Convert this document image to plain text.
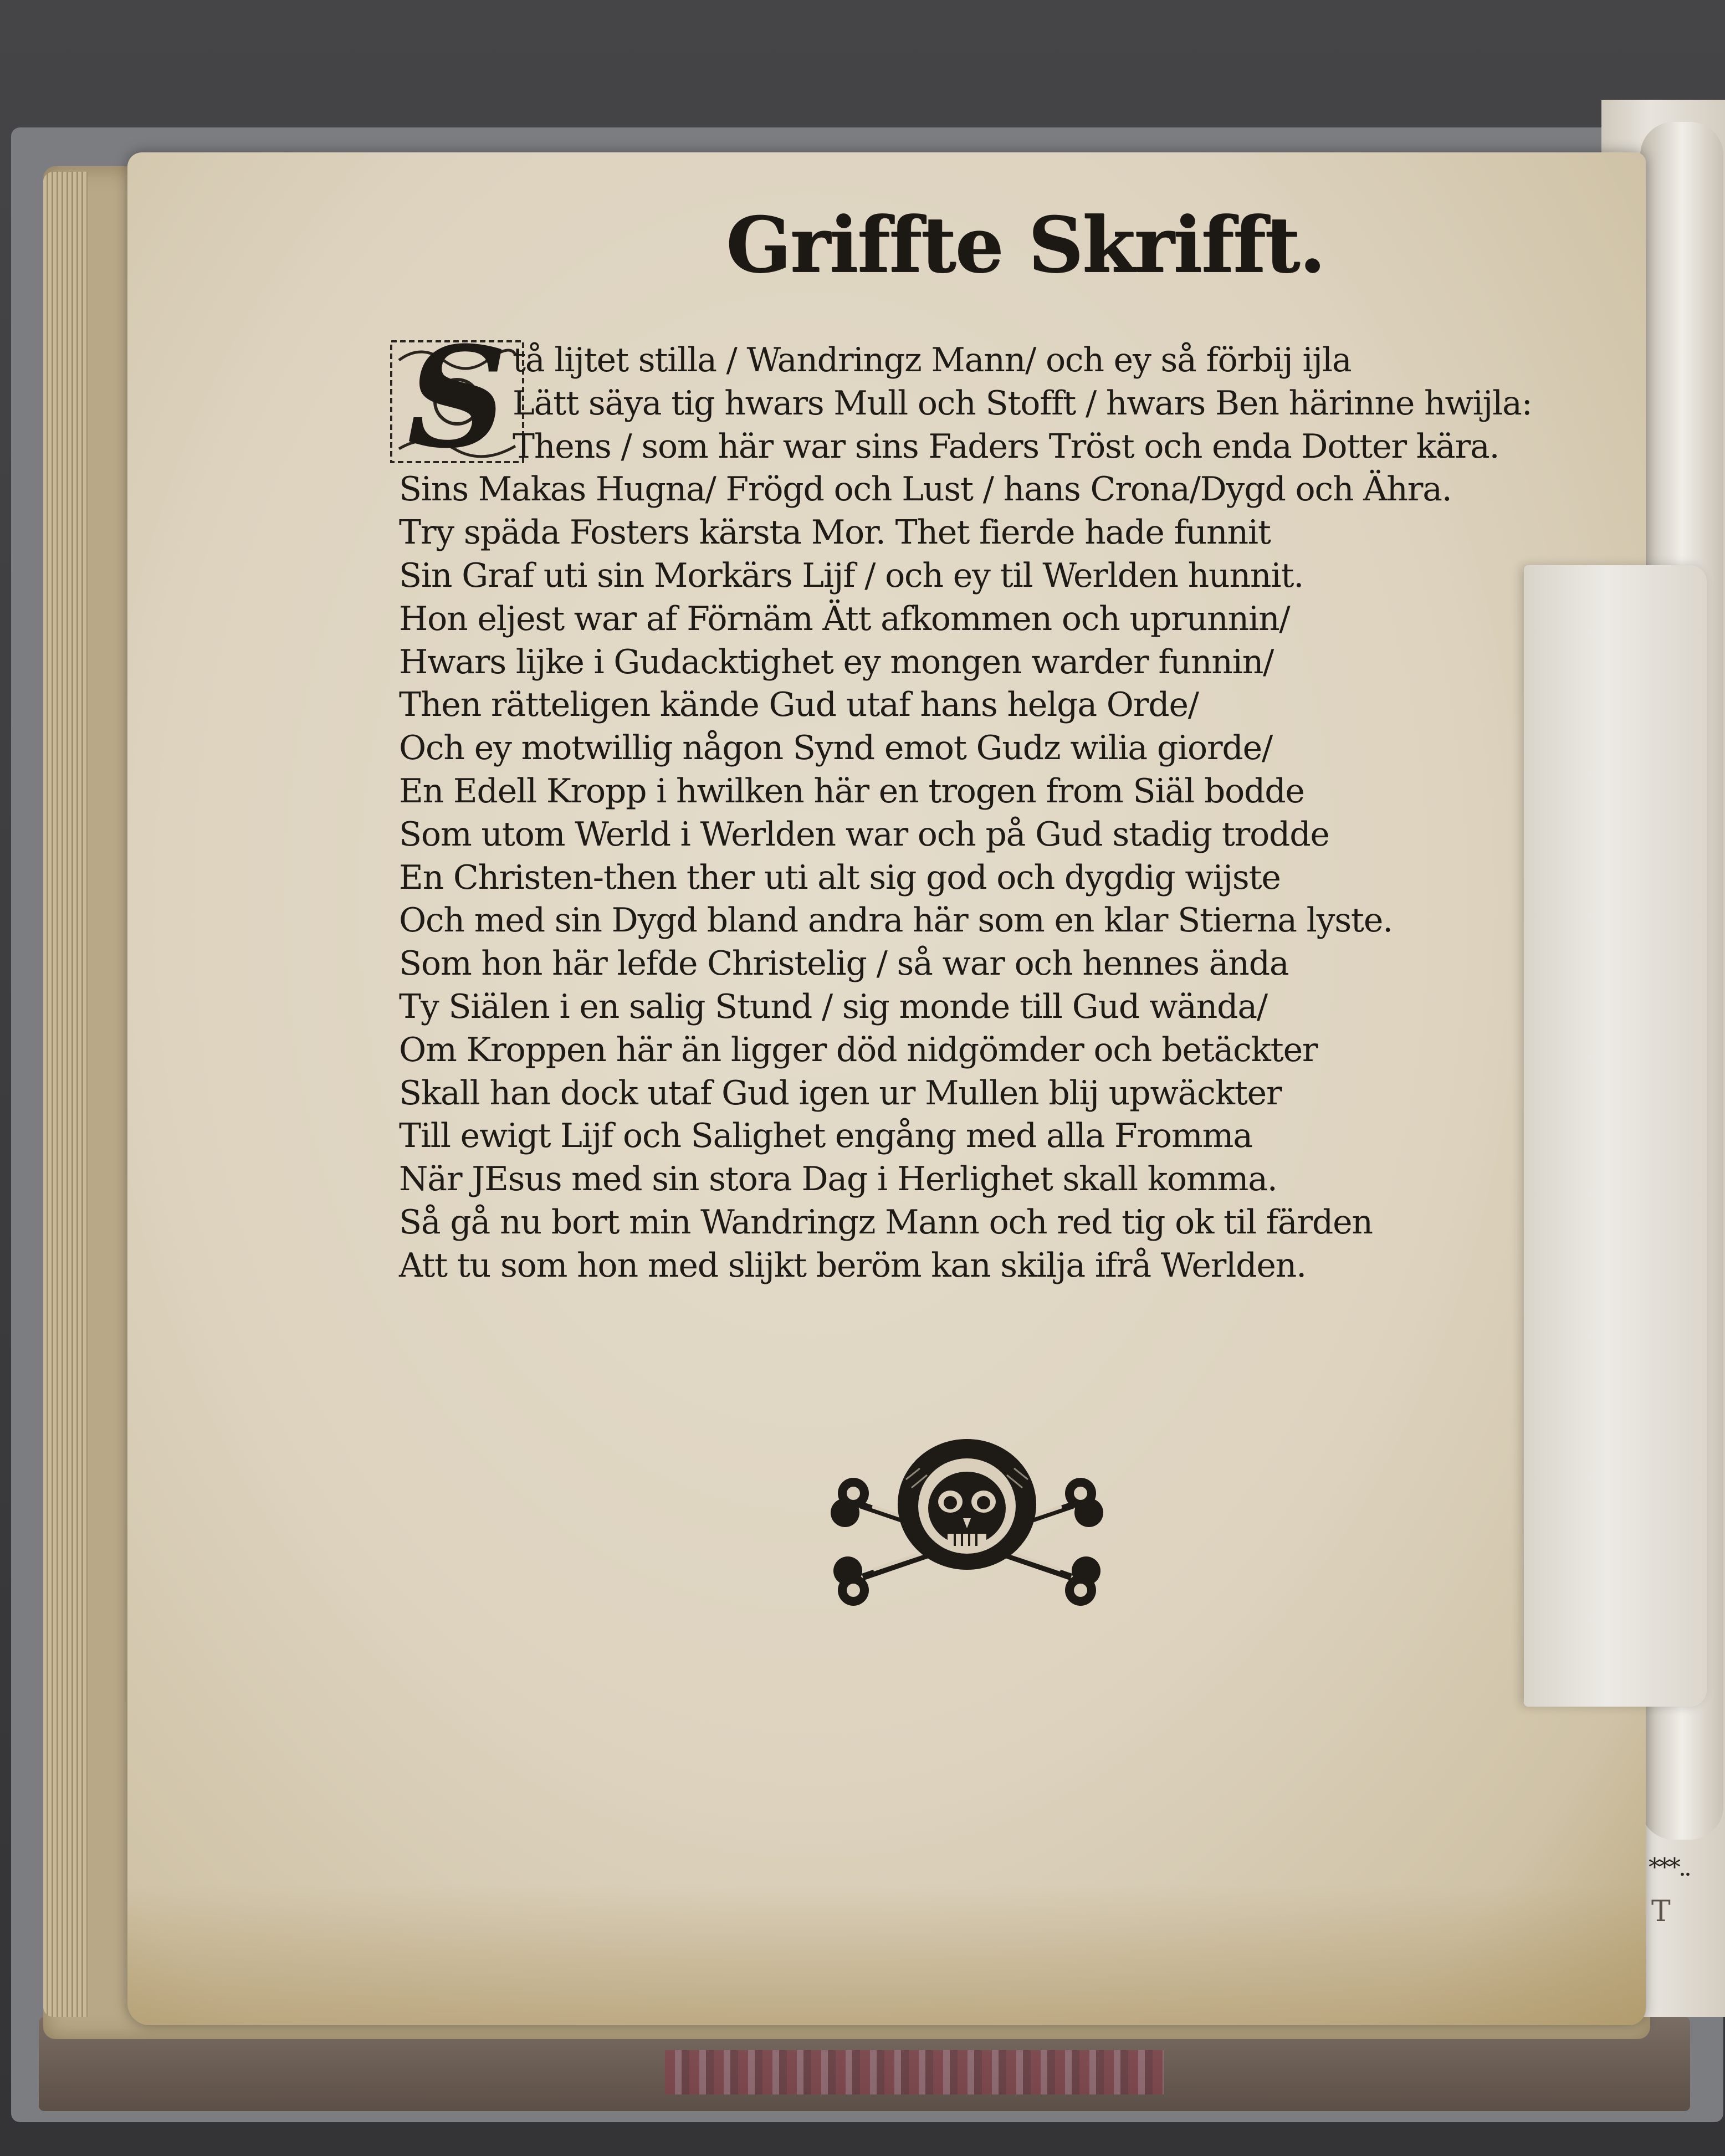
***..
T
Griffte Skrifft.
S tå lijtet stilla / Wandringz Mann/ och ey så förbij ijla
Lätt säya tig hwars Mull och Stofft / hwars Ben härinne hwijla:
Thens / som här war sins Faders Tröst och enda Dotter kära.
Sins Makas Hugna/ Frögd och Lust / hans Crona/Dygd och Ähra.
Try späda Fosters kärsta Mor. Thet fierde hade funnit
Sin Graf uti sin Morkärs Lijf / och ey til Werlden hunnit.
Hon eljest war af Förnäm Ätt afkommen och uprunnin/
Hwars lijke i Gudacktighet ey mongen warder funnin/
Then rätteligen kände Gud utaf hans helga Orde/
Och ey motwillig någon Synd emot Gudz wilia giorde/
En Edell Kropp i hwilken här en trogen from Siäl bodde
Som utom Werld i Werlden war och på Gud stadig trodde
En Christen-then ther uti alt sig god och dygdig wijste
Och med sin Dygd bland andra här som en klar Stierna lyste.
Som hon här lefde Christelig / så war och hennes ända
Ty Siälen i en salig Stund / sig monde till Gud wända/
Om Kroppen här än ligger död nidgömder och betäckter
Skall han dock utaf Gud igen ur Mullen blij upwäckter
Till ewigt Lijf och Salighet engång med alla Fromma
När JEsus med sin stora Dag i Herlighet skall komma.
Så gå nu bort min Wandringz Mann och red tig ok til färden
Att tu som hon med slijkt beröm kan skilja ifrå Werlden.
